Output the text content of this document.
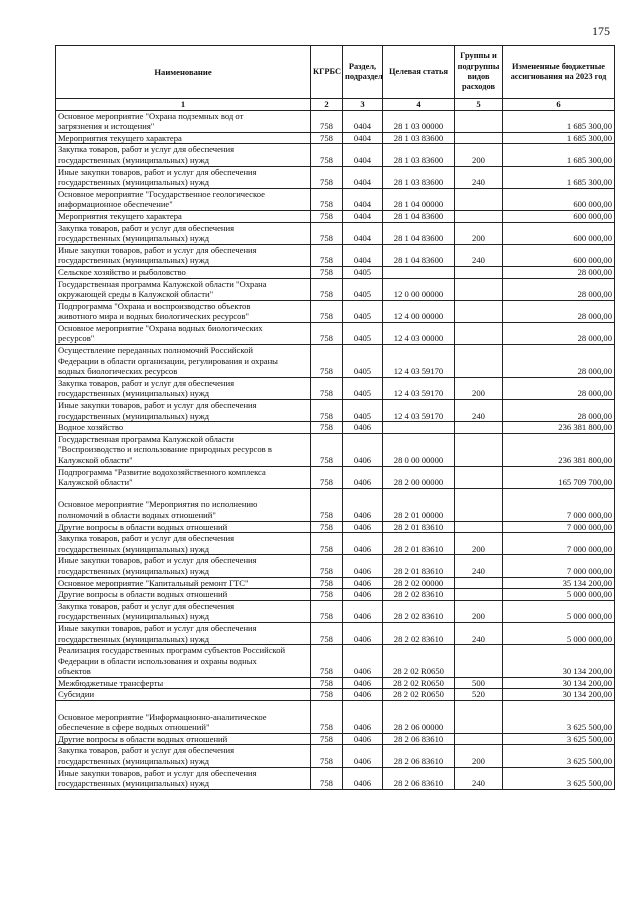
175
Наименование	КГРБС	Раздел, подраздел	Целевая статья	Группы и подгруппы видов расходов	Измененные бюджетные ассигнования на 2023 год
1	2	3	4	5	6
Основное мероприятие "Охрана подземных вод от
загрязнения и истощения"	758	0404	28 1 03 00000		1 685 300,00
Мероприятия текущего характера	758	0404	28 1 03 83600		1 685 300,00
Закупка товаров, работ и услуг для обеспечения
государственных (муниципальных) нужд	758	0404	28 1 03 83600	200	1 685 300,00
Иные закупки товаров, работ и услуг для обеспечения
государственных (муниципальных) нужд	758	0404	28 1 03 83600	240	1 685 300,00
Основное мероприятие "Государственное геологическое
информационное обеспечение"	758	0404	28 1 04 00000		600 000,00
Мероприятия текущего характера	758	0404	28 1 04 83600		600 000,00
Закупка товаров, работ и услуг для обеспечения
государственных (муниципальных) нужд	758	0404	28 1 04 83600	200	600 000,00
Иные закупки товаров, работ и услуг для обеспечения
государственных (муниципальных) нужд	758	0404	28 1 04 83600	240	600 000,00
Сельское хозяйство и рыболовство	758	0405			28 000,00
Государственная программа Калужской области "Охрана
окружающей среды в Калужской области"	758	0405	12 0 00 00000		28 000,00
Подпрограмма "Охрана и воспроизводство объектов
животного мира и водных биологических ресурсов"	758	0405	12 4 00 00000		28 000,00
Основное мероприятие "Охрана водных биологических
ресурсов"	758	0405	12 4 03 00000		28 000,00
Осуществление переданных полномочий Российской
Федерации в области организации, регулирования и охраны
водных биологических ресурсов	758	0405	12 4 03 59170		28 000,00
Закупка товаров, работ и услуг для обеспечения
государственных (муниципальных) нужд	758	0405	12 4 03 59170	200	28 000,00
Иные закупки товаров, работ и услуг для обеспечения
государственных (муниципальных) нужд	758	0405	12 4 03 59170	240	28 000,00
Водное хозяйство	758	0406			236 381 800,00
Государственная программа Калужской области
"Воспроизводство и использование природных ресурсов в
Калужской области"	758	0406	28 0 00 00000		236 381 800,00
Подпрограмма "Развитие водохозяйственного комплекса
Калужской области"	758	0406	28 2 00 00000		165 709 700,00

Основное мероприятие "Мероприятия по исполнению
полномочий в области водных отношений"	758	0406	28 2 01 00000		7 000 000,00
Другие вопросы в области водных отношений	758	0406	28 2 01 83610		7 000 000,00
Закупка товаров, работ и услуг для обеспечения
государственных (муниципальных) нужд	758	0406	28 2 01 83610	200	7 000 000,00
Иные закупки товаров, работ и услуг для обеспечения
государственных (муниципальных) нужд	758	0406	28 2 01 83610	240	7 000 000,00
Основное мероприятие "Капитальный ремонт ГТС"	758	0406	28 2 02 00000		35 134 200,00
Другие вопросы в области водных отношений	758	0406	28 2 02 83610		5 000 000,00
Закупка товаров, работ и услуг для обеспечения
государственных (муниципальных) нужд	758	0406	28 2 02 83610	200	5 000 000,00
Иные закупки товаров, работ и услуг для обеспечения
государственных (муниципальных) нужд	758	0406	28 2 02 83610	240	5 000 000,00
Реализация государственных программ субъектов Российской
Федерации в области использования и охраны водных
объектов	758	0406	28 2 02 R0650		30 134 200,00
Межбюджетные трансферты	758	0406	28 2 02 R0650	500	30 134 200,00
Субсидии	758	0406	28 2 02 R0650	520	30 134 200,00

Основное мероприятие "Информационно-аналитическое
обеспечение в сфере водных отношений"	758	0406	28 2 06 00000		3 625 500,00
Другие вопросы в области водных отношений	758	0406	28 2 06 83610		3 625 500,00
Закупка товаров, работ и услуг для обеспечения
государственных (муниципальных) нужд	758	0406	28 2 06 83610	200	3 625 500,00
Иные закупки товаров, работ и услуг для обеспечения
государственных (муниципальных) нужд	758	0406	28 2 06 83610	240	3 625 500,00
